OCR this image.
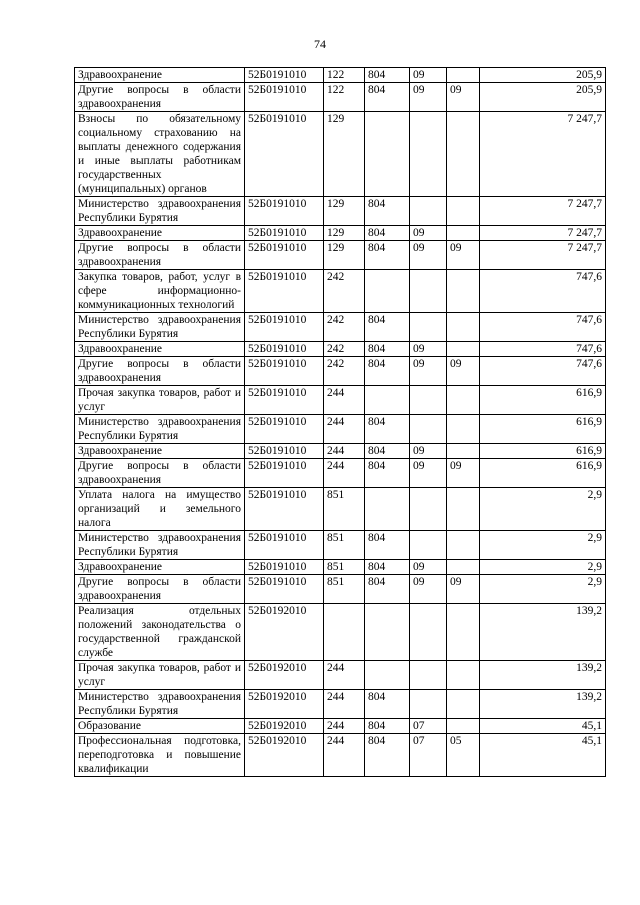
74
Здравоохранение	52Б0191010	122	804	09		205,9
Другие вопросы в области здравоохранения	52Б0191010	122	804	09	09	205,9
Взносы по обязательному социальному страхованию на выплаты денежного содержания и иные выплаты работникам государственных (муниципальных) органов	52Б0191010	129				7 247,7
Министерство здравоохранения Республики Бурятия	52Б0191010	129	804			7 247,7
Здравоохранение	52Б0191010	129	804	09		7 247,7
Другие вопросы в области здравоохранения	52Б0191010	129	804	09	09	7 247,7
Закупка товаров, работ, услуг в сфере информационно-коммуникационных технологий	52Б0191010	242				747,6
Министерство здравоохранения Республики Бурятия	52Б0191010	242	804			747,6
Здравоохранение	52Б0191010	242	804	09		747,6
Другие вопросы в области здравоохранения	52Б0191010	242	804	09	09	747,6
Прочая закупка товаров, работ и услуг	52Б0191010	244				616,9
Министерство здравоохранения Республики Бурятия	52Б0191010	244	804			616,9
Здравоохранение	52Б0191010	244	804	09		616,9
Другие вопросы в области здравоохранения	52Б0191010	244	804	09	09	616,9
Уплата налога на имущество организаций и земельного налога	52Б0191010	851				2,9
Министерство здравоохранения Республики Бурятия	52Б0191010	851	804			2,9
Здравоохранение	52Б0191010	851	804	09		2,9
Другие вопросы в области здравоохранения	52Б0191010	851	804	09	09	2,9
Реализация отдельных положений законодательства о государственной гражданской службе	52Б0192010					139,2
Прочая закупка товаров, работ и услуг	52Б0192010	244				139,2
Министерство здравоохранения Республики Бурятия	52Б0192010	244	804			139,2
Образование	52Б0192010	244	804	07		45,1
Профессиональная подготовка, переподготовка и повышение квалификации	52Б0192010	244	804	07	05	45,1
